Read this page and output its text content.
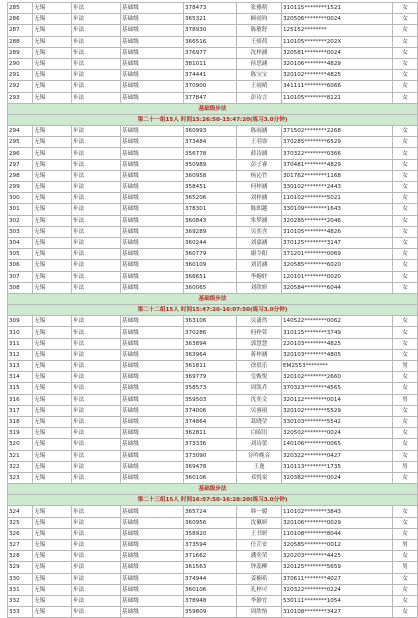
285	无锡	步法	基础级	378473	张雅萌	310115********1521	女
286	无锡	步法	基础级	365321	顾雨钧	320506********0024	女
287	无锡	步法	基础级	378930	陈敏舒	125152********	女
288	无锡	步法	基础级	366516	王骄荷	110105********202X	女
289	无锡	步法	基础级	376977	沈梓涵	320581********0024	女
290	无锡	步法	基础级	381011	侯思涵	320106********4829	女
291	无锡	步法	基础级	374441	陈宝宝	320102********4825	女
292	无锡	步法	基础级	370900	王雨晴	341111********6066	女
293	无锡	步法	基础级	377847	彭诗言	110105********8121	女
基础级步法							
第二十一组15人 时间15:26:50-15:47:20(练习3.0分钟)							
294	无锡	步法	基础级	360993	陈雨涵	371502********2268	女
295	无锡	步法	基础级	373484	王羽霏	370285********6529	女
296	无锡	步法	基础级	356778	薛诗涵	370322********0366	女
297	无锡	步法	基础级	350989	彭子睿	370481********4829	女
298	无锡	步法	基础级	360958	杨沁竹	301762********1168	女
299	无锡	步法	基础级	358451	何梓涵	330102********2443	女
300	无锡	步法	基础级	365206	刘梓涵	110102********5021	女
301	无锡	步法	基础级	378301	陈朗越	330109********1643	女
302	无锡	步法	基础级	360843	朱梦涵	320285********2046	女
303	无锡	步法	基础级	369289	吴奕含	310105********4826	女
304	无锡	步法	基础级	360244	刘嘉涵	370125********3147	女
305	无锡	步法	基础级	360779	谢令阳	371201********0069	女
306	无锡	步法	基础级	360109	刘语涵	320585********6020	女
307	无锡	步法	基础级	366651	李婉妤	120101********0020	女
308	无锡	步法	基础级	360065	刘欣妍	320584********6044	女
基础级步法							
第二十二组15人 时间15:47:20-16:07:50(练习3.0分钟)							
309	无锡	步法	基础级	363106	吴潇然	140522********0062	女
310	无锡	步法	基础级	370286	何梓萱	310115********3749	女
311	无锡	步法	基础级	363894	郭慧慧	220103********4825	女
312	无锡	步法	基础级	363964	蒋梓涵	320103********4805	女
313	无锡	步法	基础级	361811	徐晨乐	EM2553********	男
314	无锡	步法	基础级	369779	皇甄悦	320102********2660	女
315	无锡	步法	基础级	358573	周凯乔	370323********4565	女
316	无锡	步法	基础级	359503	沈奕文	320112********0014	男
317	无锡	步法	基础级	374006	吴睿雨	320102********5529	女
318	无锡	步法	基础级	374864	葛晓莹	330103********5542	女
319	无锡	步法	基础级	362811	白昭语	320502********0024	女
320	无锡	步法	基础级	373336	刘诗蕾	140106********0065	女
321	无锡	步法	基础级	373090	谷吟晚音	320322********0427	女
322	无锡	步法	基础级	369478	王逸	310113********1735	男
323	无锡	步法	基础级	360106	邓悦童	320382********0024	女
基础级步法							
第二十三组15人 时间16:07:50-16:28:20(练习3.0分钟)							
324	无锡	步法	基础级	365724	韩一媛	110102********3843	女
325	无锡	步法	基础级	360956	沈佩妍	320106********0029	女
326	无锡	步法	基础级	358920	王书妍	110108********8044	女
327	无锡	步法	基础级	373594	任芷安	320585********0012	男
328	无锡	步法	基础级	371662	潘奕荣	320203********4425	女
329	无锡	步法	基础级	361563	钟蕊柳	320125********5659	男
330	无锡	步法	基础级	374944	姜楠希	370611********4027	女
331	无锡	步法	基础级	360106	孔梓可	320322********0224	女
332	无锡	步法	基础级	378948	李静宜	530111********1054	女
333	无锡	步法	基础级	359809	周欣怡	310108********3427	女
